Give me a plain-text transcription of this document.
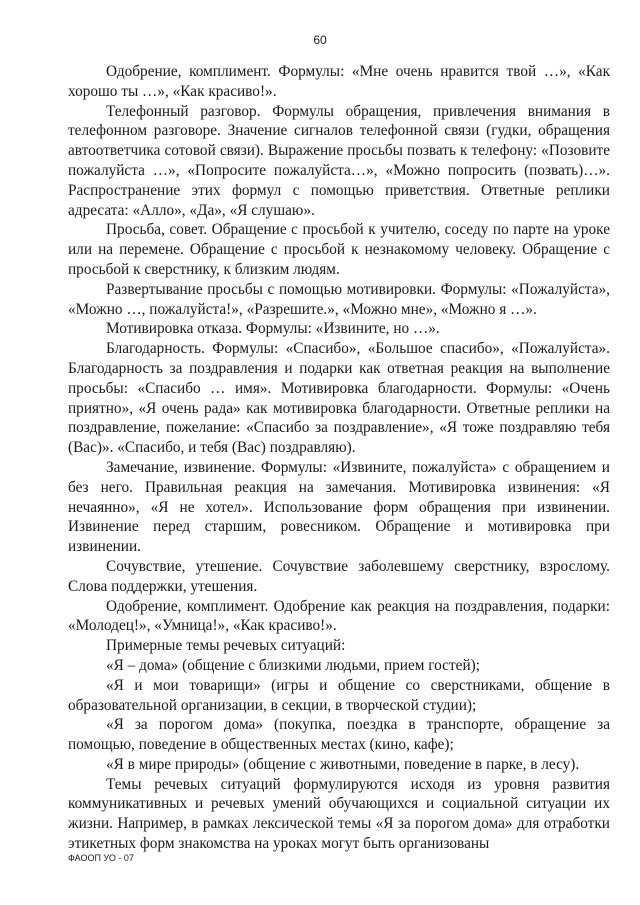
60

Одобрение, комплимент. Формулы: «Мне очень нравится твой …», «Как хорошо ты …», «Как красиво!».

Телефонный разговор. Формулы обращения, привлечения внимания в телефонном разговоре. Значение сигналов телефонной связи (гудки, обращения автоответчика сотовой связи). Выражение просьбы позвать к телефону: «Позовите пожалуйста …», «Попросите пожалуйста…», «Можно попросить (позвать)…». Распространение этих формул с помощью приветствия. Ответные реплики адресата: «Алло», «Да», «Я слушаю».

Просьба, совет. Обращение с просьбой к учителю, соседу по парте на уроке или на перемене. Обращение с просьбой к незнакомому человеку. Обращение с просьбой к сверстнику, к близким людям.

Развертывание просьбы с помощью мотивировки. Формулы: «Пожалуйста», «Можно …, пожалуйста!», «Разрешите.», «Можно мне», «Можно я …».

Мотивировка отказа. Формулы: «Извините, но …».

Благодарность. Формулы: «Спасибо», «Большое спасибо», «Пожалуйста». Благодарность за поздравления и подарки как ответная реакция на выполнение просьбы: «Спасибо … имя». Мотивировка благодарности. Формулы: «Очень приятно», «Я очень рада» как мотивировка благодарности. Ответные реплики на поздравление, пожелание: «Спасибо за поздравление», «Я тоже поздравляю тебя (Вас)». «Спасибо, и тебя (Вас) поздравляю).

Замечание, извинение. Формулы: «Извините, пожалуйста» с обращением и без него. Правильная реакция на замечания. Мотивировка извинения: «Я нечаянно», «Я не хотел». Использование форм обращения при извинении. Извинение перед старшим, ровесником. Обращение и мотивировка при извинении.

Сочувствие, утешение. Сочувствие заболевшему сверстнику, взрослому. Слова поддержки, утешения.

Одобрение, комплимент. Одобрение как реакция на поздравления, подарки: «Молодец!», «Умница!», «Как красиво!».

Примерные темы речевых ситуаций:

«Я – дома» (общение с близкими людьми, прием гостей);

«Я и мои товарищи» (игры и общение со сверстниками, общение в образовательной организации, в секции, в творческой студии);

«Я за порогом дома» (покупка, поездка в транспорте, обращение за помощью, поведение в общественных местах (кино, кафе);

«Я в мире природы» (общение с животными, поведение в парке, в лесу).

Темы речевых ситуаций формулируются исходя из уровня развития коммуникативных и речевых умений обучающихся и социальной ситуации их жизни. Например, в рамках лексической темы «Я за порогом дома» для отработки этикетных форм знакомства на уроках могут быть организованы

ФАООП УО - 07
